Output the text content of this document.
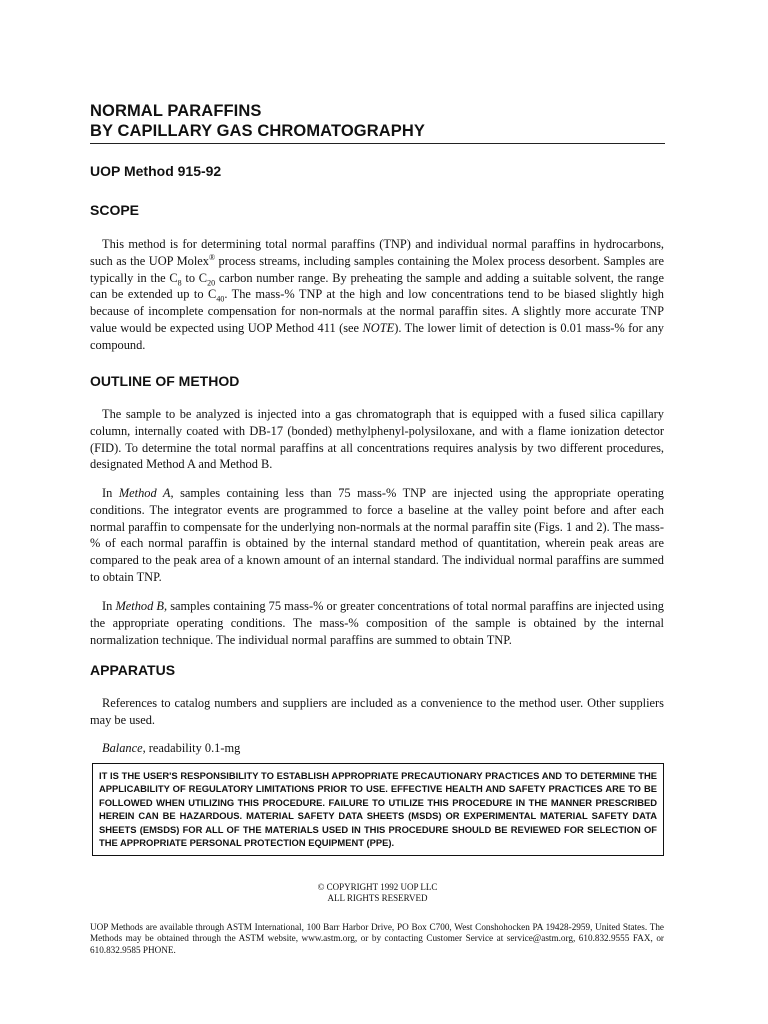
NORMAL PARAFFINS

BY CAPILLARY GAS CHROMATOGRAPHY

UOP Method 915-92

SCOPE

This method is for determining total normal paraffins (TNP) and individual normal paraffins in hydrocarbons, such as the UOP Molex® process streams, including samples containing the Molex process desorbent. Samples are typically in the $C_8$ to $C_{20}$ carbon number range. By preheating the sample and adding a suitable solvent, the range can be extended up to $C_{40}$. The mass-% TNP at the high and low concentrations tend to be biased slightly high because of incomplete compensation for non-normals at the normal paraffin sites. A slightly more accurate TNP value would be expected using UOP Method 411 (see NOTE). The lower limit of detection is 0.01 mass-% for any compound.

OUTLINE OF METHOD

The sample to be analyzed is injected into a gas chromatograph that is equipped with a fused silica capillary column, internally coated with DB-17 (bonded) methylphenyl-polysiloxane, and with a flame ionization detector (FID). To determine the total normal paraffins at all concentrations requires analysis by two different procedures, designated Method A and Method B.

In Method A, samples containing less than 75 mass-% TNP are injected using the appropriate operating conditions. The integrator events are programmed to force a baseline at the valley point before and after each normal paraffin to compensate for the underlying non-normals at the normal paraffin site (Figs. 1 and 2). The mass-% of each normal paraffin is obtained by the internal standard method of quantitation, wherein peak areas are compared to the peak area of a known amount of an internal standard. The individual normal paraffins are summed to obtain TNP.

In Method B, samples containing 75 mass-% or greater concentrations of total normal paraffins are injected using the appropriate operating conditions. The mass-% composition of the sample is obtained by the internal normalization technique. The individual normal paraffins are summed to obtain TNP.

APPARATUS

References to catalog numbers and suppliers are included as a convenience to the method user. Other suppliers may be used.

Balance, readability 0.1-mg

IT IS THE USER'S RESPONSIBILITY TO ESTABLISH APPROPRIATE PRECAUTIONARY PRACTICES AND TO DETERMINE THE APPLICABILITY OF REGULATORY LIMITATIONS PRIOR TO USE. EFFECTIVE HEALTH AND SAFETY PRACTICES ARE TO BE FOLLOWED WHEN UTILIZING THIS PROCEDURE. FAILURE TO UTILIZE THIS PROCEDURE IN THE MANNER PRESCRIBED HEREIN CAN BE HAZARDOUS. MATERIAL SAFETY DATA SHEETS (MSDS) OR EXPERIMENTAL MATERIAL SAFETY DATA SHEETS (EMSDS) FOR ALL OF THE MATERIALS USED IN THIS PROCEDURE SHOULD BE REVIEWED FOR SELECTION OF THE APPROPRIATE PERSONAL PROTECTION EQUIPMENT (PPE).
© COPYRIGHT 1992 UOP LLC
ALL RIGHTS RESERVED
UOP Methods are available through ASTM International, 100 Barr Harbor Drive, PO Box C700, West Conshohocken PA 19428-2959, United States. The Methods may be obtained through the ASTM website, www.astm.org, or by contacting Customer Service at service@astm.org, 610.832.9555 FAX, or 610.832.9585 PHONE.
